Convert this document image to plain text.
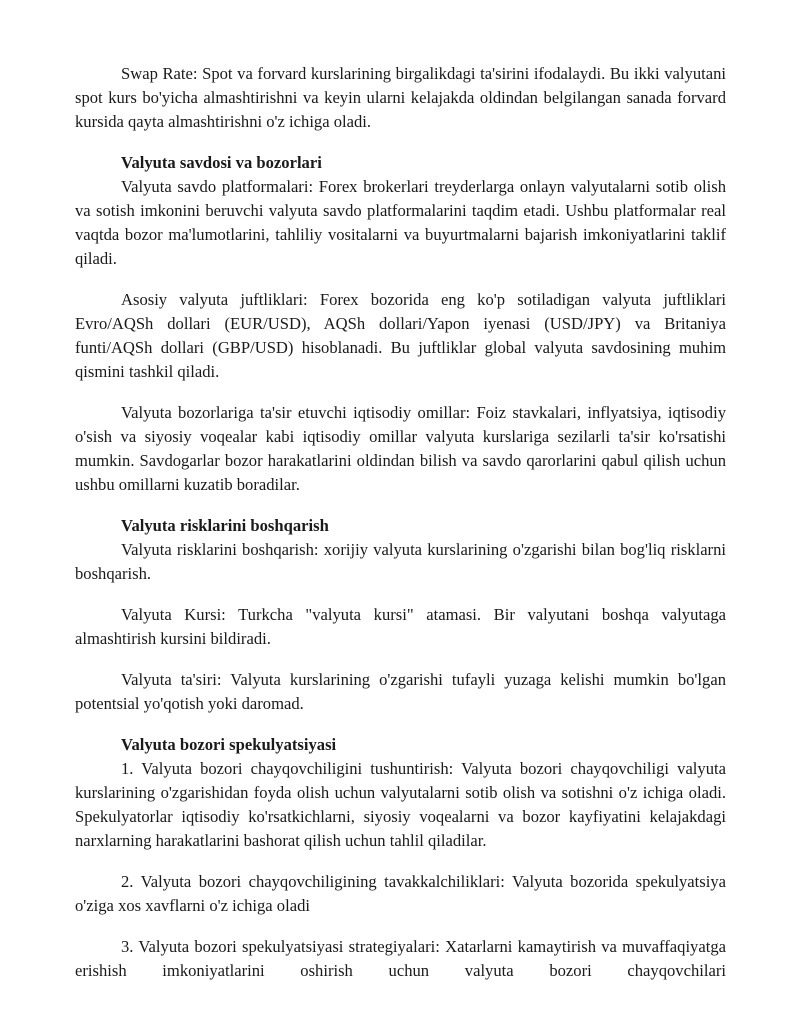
Swap Rate: Spot va forvard kurslarining birgalikdagi ta'sirini ifodalaydi. Bu ikki valyutani spot kurs bo'yicha almashtirishni va keyin ularni kelajakda oldindan belgilangan sanada forvard kursida qayta almashtirishni o'z ichiga oladi.

Valyuta savdosi va bozorlari

Valyuta savdo platformalari: Forex brokerlari treyderlarga onlayn valyutalarni sotib olish va sotish imkonini beruvchi valyuta savdo platformalarini taqdim etadi. Ushbu platformalar real vaqtda bozor ma'lumotlarini, tahliliy vositalarni va buyurtmalarni bajarish imkoniyatlarini taklif qiladi.

Asosiy valyuta juftliklari: Forex bozorida eng ko'p sotiladigan valyuta juftliklari Evro/AQSh dollari (EUR/USD), AQSh dollari/Yapon iyenasi (USD/JPY) va Britaniya funti/AQSh dollari (GBP/USD) hisoblanadi. Bu juftliklar global valyuta savdosining muhim qismini tashkil qiladi.

Valyuta bozorlariga ta'sir etuvchi iqtisodiy omillar: Foiz stavkalari, inflyatsiya, iqtisodiy o'sish va siyosiy voqealar kabi iqtisodiy omillar valyuta kurslariga sezilarli ta'sir ko'rsatishi mumkin. Savdogarlar bozor harakatlarini oldindan bilish va savdo qarorlarini qabul qilish uchun ushbu omillarni kuzatib boradilar.

Valyuta risklarini boshqarish

Valyuta risklarini boshqarish: xorijiy valyuta kurslarining o'zgarishi bilan bog'liq risklarni boshqarish.

Valyuta Kursi: Turkcha "valyuta kursi" atamasi. Bir valyutani boshqa valyutaga almashtirish kursini bildiradi.

Valyuta ta'siri: Valyuta kurslarining o'zgarishi tufayli yuzaga kelishi mumkin bo'lgan potentsial yo'qotish yoki daromad.

Valyuta bozori spekulyatsiyasi

1. Valyuta bozori chayqovchiligini tushuntirish: Valyuta bozori chayqovchiligi valyuta kurslarining o'zgarishidan foyda olish uchun valyutalarni sotib olish va sotishni o'z ichiga oladi. Spekulyatorlar iqtisodiy ko'rsatkichlarni, siyosiy voqealarni va bozor kayfiyatini kelajakdagi narxlarning harakatlarini bashorat qilish uchun tahlil qiladilar.

2. Valyuta bozori chayqovchiligining tavakkalchiliklari: Valyuta bozorida spekulyatsiya o'ziga xos xavflarni o'z ichiga oladi

3. Valyuta bozori spekulyatsiyasi strategiyalari: Xatarlarni kamaytirish va muvaffaqiyatga erishish imkoniyatlarini oshirish uchun valyuta bozori chayqovchilari
